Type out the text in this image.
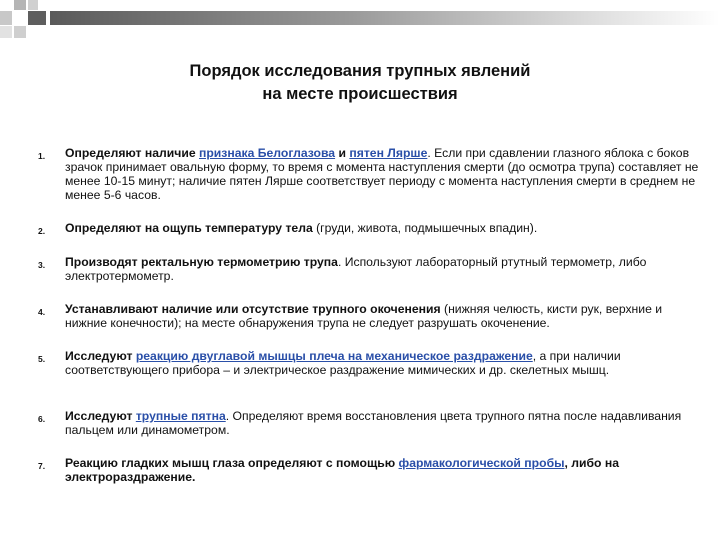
Порядок исследования трупных явлений
на месте происшествия
1. Определяют наличие признака Белоглазова и пятен Лярше. Если при сдавлении глазного яблока с боков зрачок принимает овальную форму, то время с момента наступления смерти (до осмотра трупа) составляет не менее 10-15 минут; наличие пятен Лярше соответствует периоду с момента наступления смерти в среднем не менее 5-6 часов.
2. Определяют на ощупь температуру тела (груди, живота, подмышечных впадин).
3. Производят ректальную термометрию трупа. Используют лабораторный ртутный термометр, либо электротермометр.
4. Устанавливают наличие или отсутствие трупного окоченения (нижняя челюсть, кисти рук, верхние и нижние конечности); на месте обнаружения трупа не следует разрушать окоченение.
5. Исследуют реакцию двуглавой мышцы плеча на механическое раздражение, а при наличии соответствующего прибора – и электрическое раздражение мимических и др. скелетных мышц.
6. Исследуют трупные пятна. Определяют время восстановления цвета трупного пятна после надавливания пальцем или динамометром.
7. Реакцию гладких мышц глаза определяют с помощью фармакологической пробы, либо на электрораздражение.
